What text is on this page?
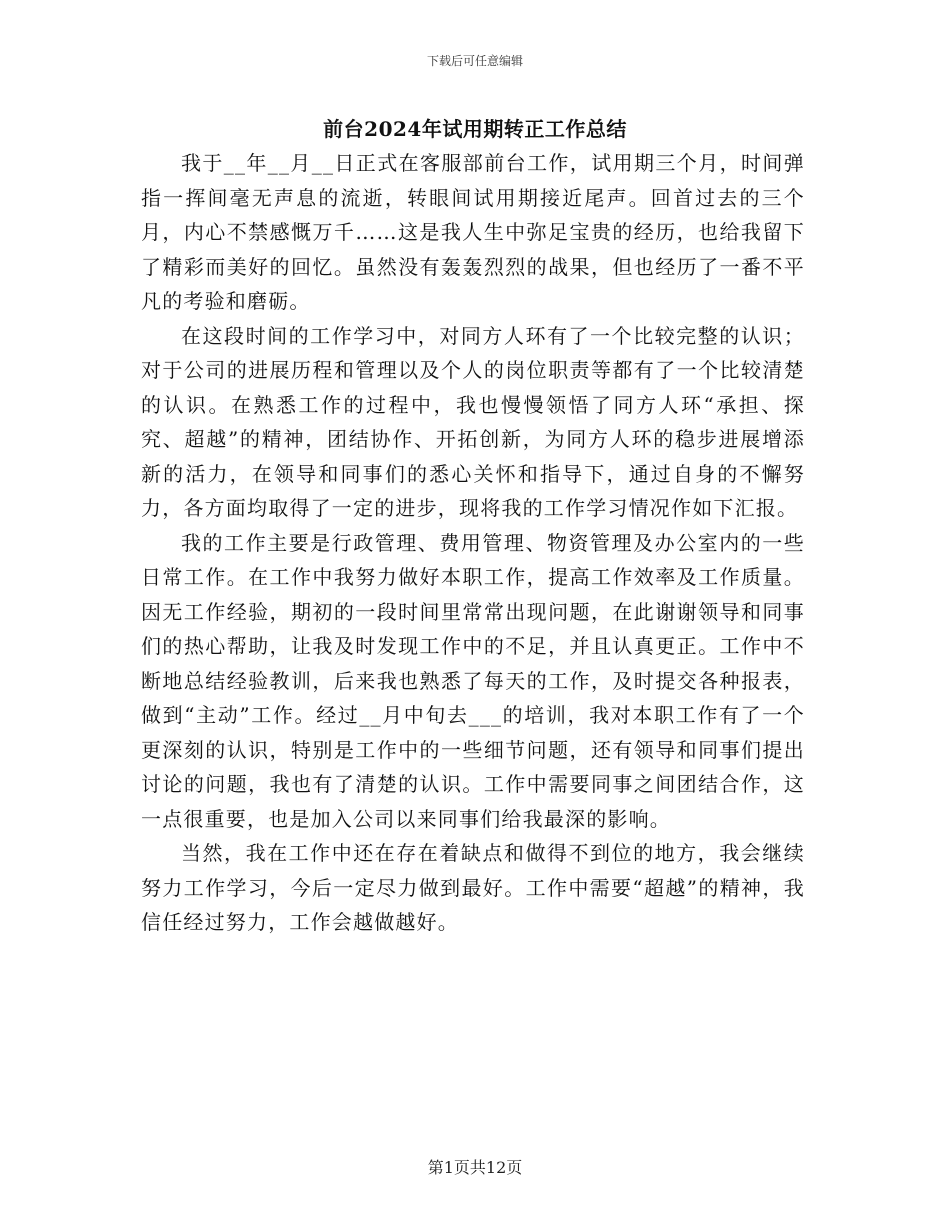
下载后可任意编辑
前台2024年试用期转正工作总结

我于__年__月__日正式在客服部前台工作，试用期三个月，时间弹指一挥间毫无声息的流逝，转眼间试用期接近尾声。回首过去的三个月，内心不禁感慨万千……这是我人生中弥足宝贵的经历，也给我留下了精彩而美好的回忆。虽然没有轰轰烈烈的战果，但也经历了一番不平凡的考验和磨砺。

在这段时间的工作学习中，对同方人环有了一个比较完整的认识；对于公司的进展历程和管理以及个人的岗位职责等都有了一个比较清楚的认识。在熟悉工作的过程中，我也慢慢领悟了同方人环“承担、探究、超越”的精神，团结协作、开拓创新，为同方人环的稳步进展增添新的活力，在领导和同事们的悉心关怀和指导下，通过自身的不懈努力，各方面均取得了一定的进步，现将我的工作学习情况作如下汇报。

我的工作主要是行政管理、费用管理、物资管理及办公室内的一些日常工作。在工作中我努力做好本职工作，提高工作效率及工作质量。因无工作经验，期初的一段时间里常常出现问题，在此谢谢领导和同事们的热心帮助，让我及时发现工作中的不足，并且认真更正。工作中不断地总结经验教训，后来我也熟悉了每天的工作，及时提交各种报表，做到“主动”工作。经过__月中旬去___的培训，我对本职工作有了一个更深刻的认识，特别是工作中的一些细节问题，还有领导和同事们提出讨论的问题，我也有了清楚的认识。工作中需要同事之间团结合作，这一点很重要，也是加入公司以来同事们给我最深的影响。

当然，我在工作中还在存在着缺点和做得不到位的地方，我会继续努力工作学习，今后一定尽力做到最好。工作中需要“超越”的精神，我信任经过努力，工作会越做越好。

第1页共12页
